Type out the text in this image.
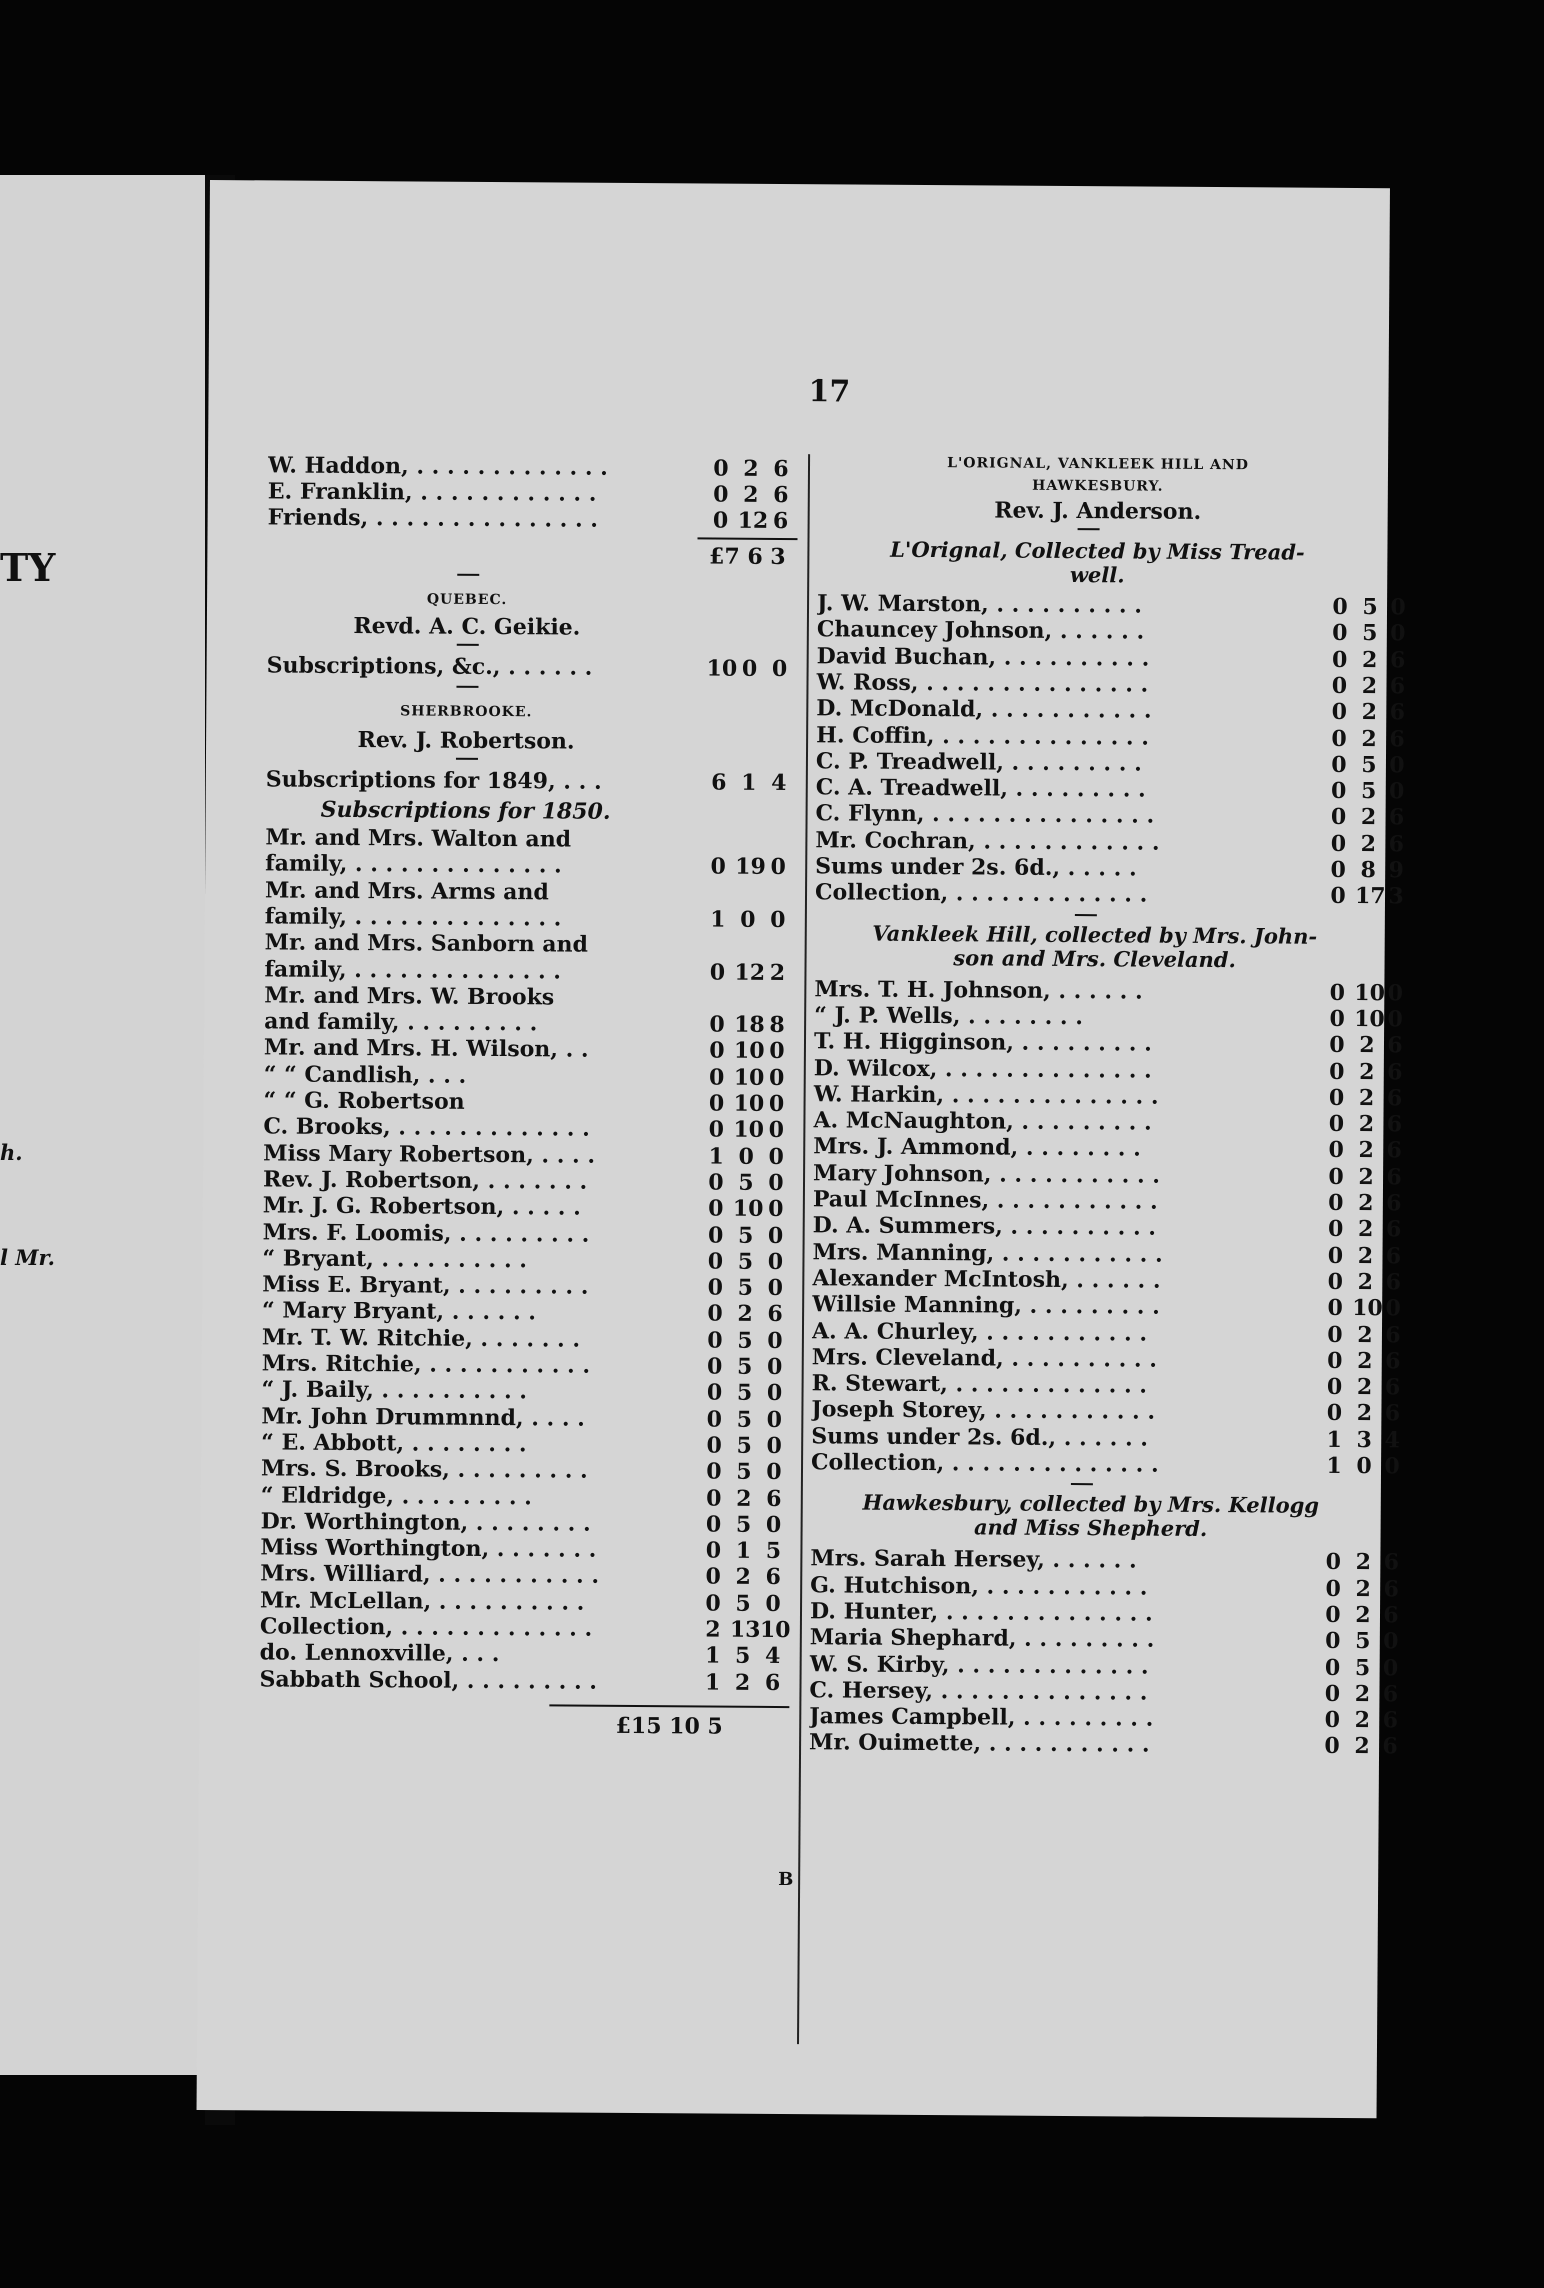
TY
h.
l Mr.
17
W. Haddon, . . . . . . . . . . . . .	0 2 6
E. Franklin, . . . . . . . . . . . .	0 2 6
Friends, . . . . . . . . . . . . . . .	0 12 6
£7 6 3
QUEBEC.
Revd. A. C. Geikie.
Subscriptions, &c., . . . . . .	10 0 0
SHERBROOKE.
Rev. J. Robertson.
Subscriptions for 1849, . . .	6 1 4
Subscriptions for 1850.
Mr. and Mrs. Walton and
family, . . . . . . . . . . . . . .	0 19 0
Mr. and Mrs. Arms and
family, . . . . . . . . . . . . . .	1 0 0
Mr. and Mrs. Sanborn and
family, . . . . . . . . . . . . . .	0 12 2
Mr. and Mrs. W. Brooks
and family, . . . . . . . . .	0 18 8
Mr. and Mrs. H. Wilson, . .	0 10 0
“ “ Candlish, . . .	0 10 0
“ “ G. Robertson	0 10 0
C. Brooks, . . . . . . . . . . . . .	0 10 0
Miss Mary Robertson, . . . .	1 0 0
Rev. J. Robertson, . . . . . . .	0 5 0
Mr. J. G. Robertson, . . . . .	0 10 0
Mrs. F. Loomis, . . . . . . . . .	0 5 0
“ Bryant, . . . . . . . . . .	0 5 0
Miss E. Bryant, . . . . . . . . .	0 5 0
“ Mary Bryant, . . . . . .	0 2 6
Mr. T. W. Ritchie, . . . . . . .	0 5 0
Mrs. Ritchie, . . . . . . . . . . .	0 5 0
“ J. Baily, . . . . . . . . . .	0 5 0
Mr. John Drummnnd, . . . .	0 5 0
“ E. Abbott, . . . . . . . .	0 5 0
Mrs. S. Brooks, . . . . . . . . .	0 5 0
“ Eldridge, . . . . . . . . .	0 2 6
Dr. Worthington, . . . . . . . .	0 5 0
Miss Worthington, . . . . . . .	0 1 5
Mrs. Williard, . . . . . . . . . . .	0 2 6
Mr. McLellan, . . . . . . . . . .	0 5 0
Collection, . . . . . . . . . . . . .	2 13 10
do. Lennoxville, . . .	1 5 4
Sabbath School, . . . . . . . . .	1 2 6
£15 10 5
L'ORIGNAL, VANKLEEK HILL AND
HAWKESBURY.
Rev. J. Anderson.
L'Orignal, Collected by Miss Tread-
well.
J. W. Marston, . . . . . . . . . .	0 5 0
Chauncey Johnson, . . . . . .	0 5 0
David Buchan, . . . . . . . . . .	0 2 6
W. Ross, . . . . . . . . . . . . . . .	0 2 6
D. McDonald, . . . . . . . . . . .	0 2 6
H. Coffin, . . . . . . . . . . . . . .	0 2 6
C. P. Treadwell, . . . . . . . . .	0 5 0
C. A. Treadwell, . . . . . . . . .	0 5 0
C. Flynn, . . . . . . . . . . . . . . .	0 2 6
Mr. Cochran, . . . . . . . . . . . .	0 2 6
Sums under 2s. 6d., . . . . .	0 8 9
Collection, . . . . . . . . . . . . .	0 17 3
Vankleek Hill, collected by Mrs. John-
son and Mrs. Cleveland.
Mrs. T. H. Johnson, . . . . . .	0 10 0
“ J. P. Wells, . . . . . . . .	0 10 0
T. H. Higginson, . . . . . . . . .	0 2 6
D. Wilcox, . . . . . . . . . . . . . .	0 2 6
W. Harkin, . . . . . . . . . . . . . .	0 2 6
A. McNaughton, . . . . . . . . .	0 2 6
Mrs. J. Ammond, . . . . . . . .	0 2 6
Mary Johnson, . . . . . . . . . . .	0 2 6
Paul McInnes, . . . . . . . . . . .	0 2 6
D. A. Summers, . . . . . . . . . .	0 2 6
Mrs. Manning, . . . . . . . . . . .	0 2 6
Alexander McIntosh, . . . . . .	0 2 6
Willsie Manning, . . . . . . . . .	0 10 0
A. A. Churley, . . . . . . . . . . .	0 2 6
Mrs. Cleveland, . . . . . . . . . .	0 2 6
R. Stewart, . . . . . . . . . . . . .	0 2 6
Joseph Storey, . . . . . . . . . . .	0 2 6
Sums under 2s. 6d., . . . . . .	1 3 4
Collection, . . . . . . . . . . . . . .	1 0 0
Hawkesbury, collected by Mrs. Kellogg
and Miss Shepherd.
Mrs. Sarah Hersey, . . . . . .	0 2 6
G. Hutchison, . . . . . . . . . . .	0 2 6
D. Hunter, . . . . . . . . . . . . . .	0 2 6
Maria Shephard, . . . . . . . . .	0 5 0
W. S. Kirby, . . . . . . . . . . . . .	0 5 0
C. Hersey, . . . . . . . . . . . . . .	0 2 6
James Campbell, . . . . . . . . .	0 2 6
Mr. Ouimette, . . . . . . . . . . .	0 2 6
B
